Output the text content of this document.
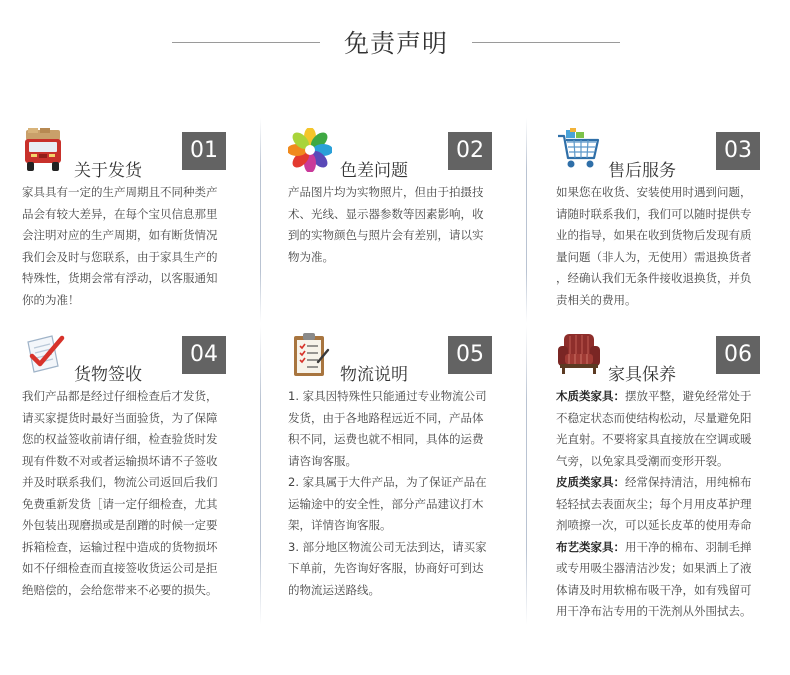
免责声明
关于发货
01

家具具有一定的生产周期且不同种类产

品会有较大差异，在每个宝贝信息那里

会注明对应的生产周期，如有断货情况

我们会及时与您联系，由于家具生产的

特殊性，货期会常有浮动，以客服通知

你的为准！

色差问题
02

产品图片均为实物照片，但由于拍摄技

术、光线、显示器参数等因素影响，收

到的实物颜色与照片会有差别，请以实

物为准。

售后服务
03

如果您在收货、安装使用时遇到问题，

请随时联系我们，我们可以随时提供专

业的指导，如果在收到货物后发现有质

量问题（非人为，无使用）需退换货者

，经确认我们无条件接收退换货，并负

责相关的费用。

货物签收
04

我们产品都是经过仔细检查后才发货，

请买家提货时最好当面验货，为了保障

您的权益签收前请仔细，检查验货时发

现有件数不对或者运输损坏请不子签收

并及时联系我们，物流公司返回后我们

免费重新发货［请一定仔细检查，尤其

外包装出现磨损或是刮蹭的时候一定要

拆箱检查，运输过程中造成的货物损坏

如不仔细检查而直接签收货运公司是拒

绝赔偿的，会给您带来不必要的损失。

物流说明
05

1. 家具因特殊性只能通过专业物流公司

发货，由于各地路程远近不同，产品体

积不同，运费也就不相同，具体的运费

请咨询客服。

2. 家具属于大件产品，为了保证产品在

运输途中的安全性，部分产品建议打木

架，详情咨询客服。

3. 部分地区物流公司无法到达，请买家

下单前，先咨询好客服，协商好可到达

的物流运送路线。

家具保养
06

木质类家具：摆放平整，避免经常处于

不稳定状态而使结构松动，尽量避免阳

光直射。不要将家具直接放在空调或暖

气旁，以免家具受潮而变形开裂。

皮质类家具：经常保持清洁，用纯棉布

轻轻拭去表面灰尘；每个月用皮革护理

剂喷擦一次，可以延长皮革的使用寿命

布艺类家具：用干净的棉布、羽制毛掸

或专用吸尘器清洁沙发；如果洒上了液

体请及时用软棉布吸干净，如有残留可

用干净布沾专用的干洗剂从外围拭去。
